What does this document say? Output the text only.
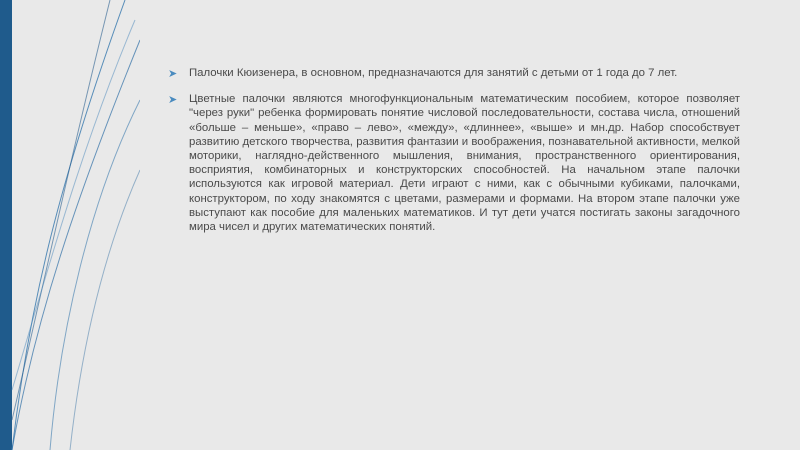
➤ Палочки Кюизенера, в основном, предназначаются для занятий с детьми от 1 года до 7 лет.

➤ Цветные палочки являются многофункциональным математическим пособием, которое позволяет "через руки" ребенка формировать понятие числовой последовательности, состава числа, отношений «больше – меньше», «право – лево», «между», «длиннее», «выше» и мн.др. Набор способствует развитию детского творчества, развития фантазии и воображения, познавательной активности, мелкой моторики, наглядно-действенного мышления, внимания, пространственного ориентирования, восприятия, комбинаторных и конструкторских способностей. На начальном этапе палочки используются как игровой материал. Дети играют с ними, как с обычными кубиками, палочками, конструктором, по ходу знакомятся с цветами, размерами и формами. На втором этапе палочки уже выступают как пособие для маленьких математиков. И тут дети учатся постигать законы загадочного мира чисел и других математических понятий.
